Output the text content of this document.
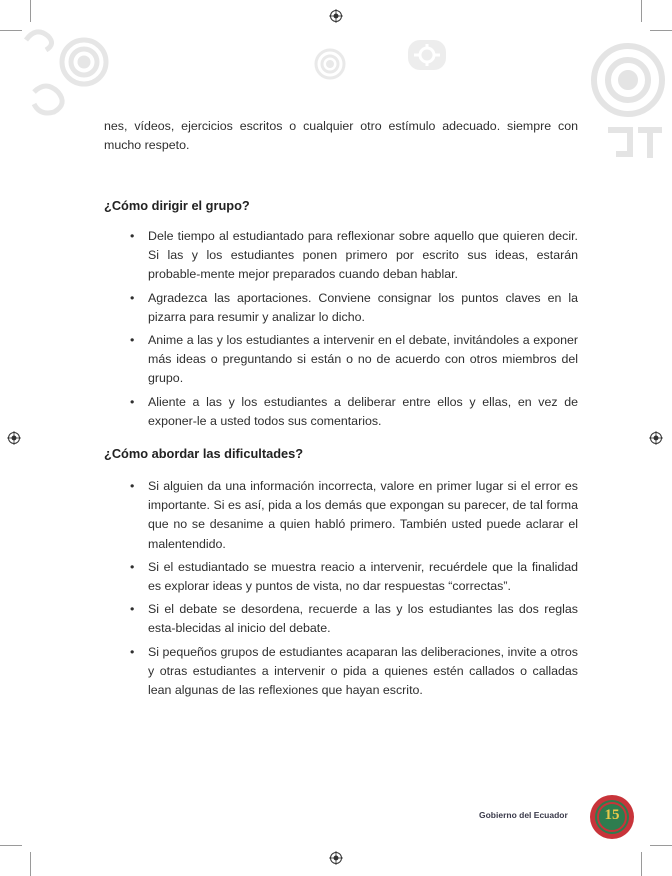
nes, vídeos, ejercicios escritos o cualquier otro estímulo adecuado. siempre con mucho respeto.
¿Cómo dirigir el grupo?
• Dele tiempo al estudiantado para reflexionar sobre aquello que quieren decir. Si las y los estudiantes ponen primero por escrito sus ideas, estarán probable-mente mejor preparados cuando deban hablar.
• Agradezca las aportaciones. Conviene consignar los puntos claves en la pizarra para resumir y analizar lo dicho.
• Anime a las y los estudiantes a intervenir en el debate, invitándoles a exponer más ideas o preguntando si están o no de acuerdo con otros miembros del grupo.
• Aliente a las y los estudiantes a deliberar entre ellos y ellas, en vez de exponer-le a usted todos sus comentarios.
¿Cómo abordar las dificultades?
• Si alguien da una información incorrecta, valore en primer lugar si el error es importante. Si es así, pida a los demás que expongan su parecer, de tal forma que no se desanime a quien habló primero. También usted puede aclarar el malentendido.
• Si el estudiantado se muestra reacio a intervenir, recuérdele que la finalidad es explorar ideas y puntos de vista, no dar respuestas “correctas”.
• Si el debate se desordena, recuerde a las y los estudiantes las dos reglas esta-blecidas al inicio del debate.
• Si pequeños grupos de estudiantes acaparan las deliberaciones, invite a otros y otras estudiantes a intervenir o pida a quienes estén callados o calladas lean algunas de las reflexiones que hayan escrito.
Gobierno del Ecuador	15
